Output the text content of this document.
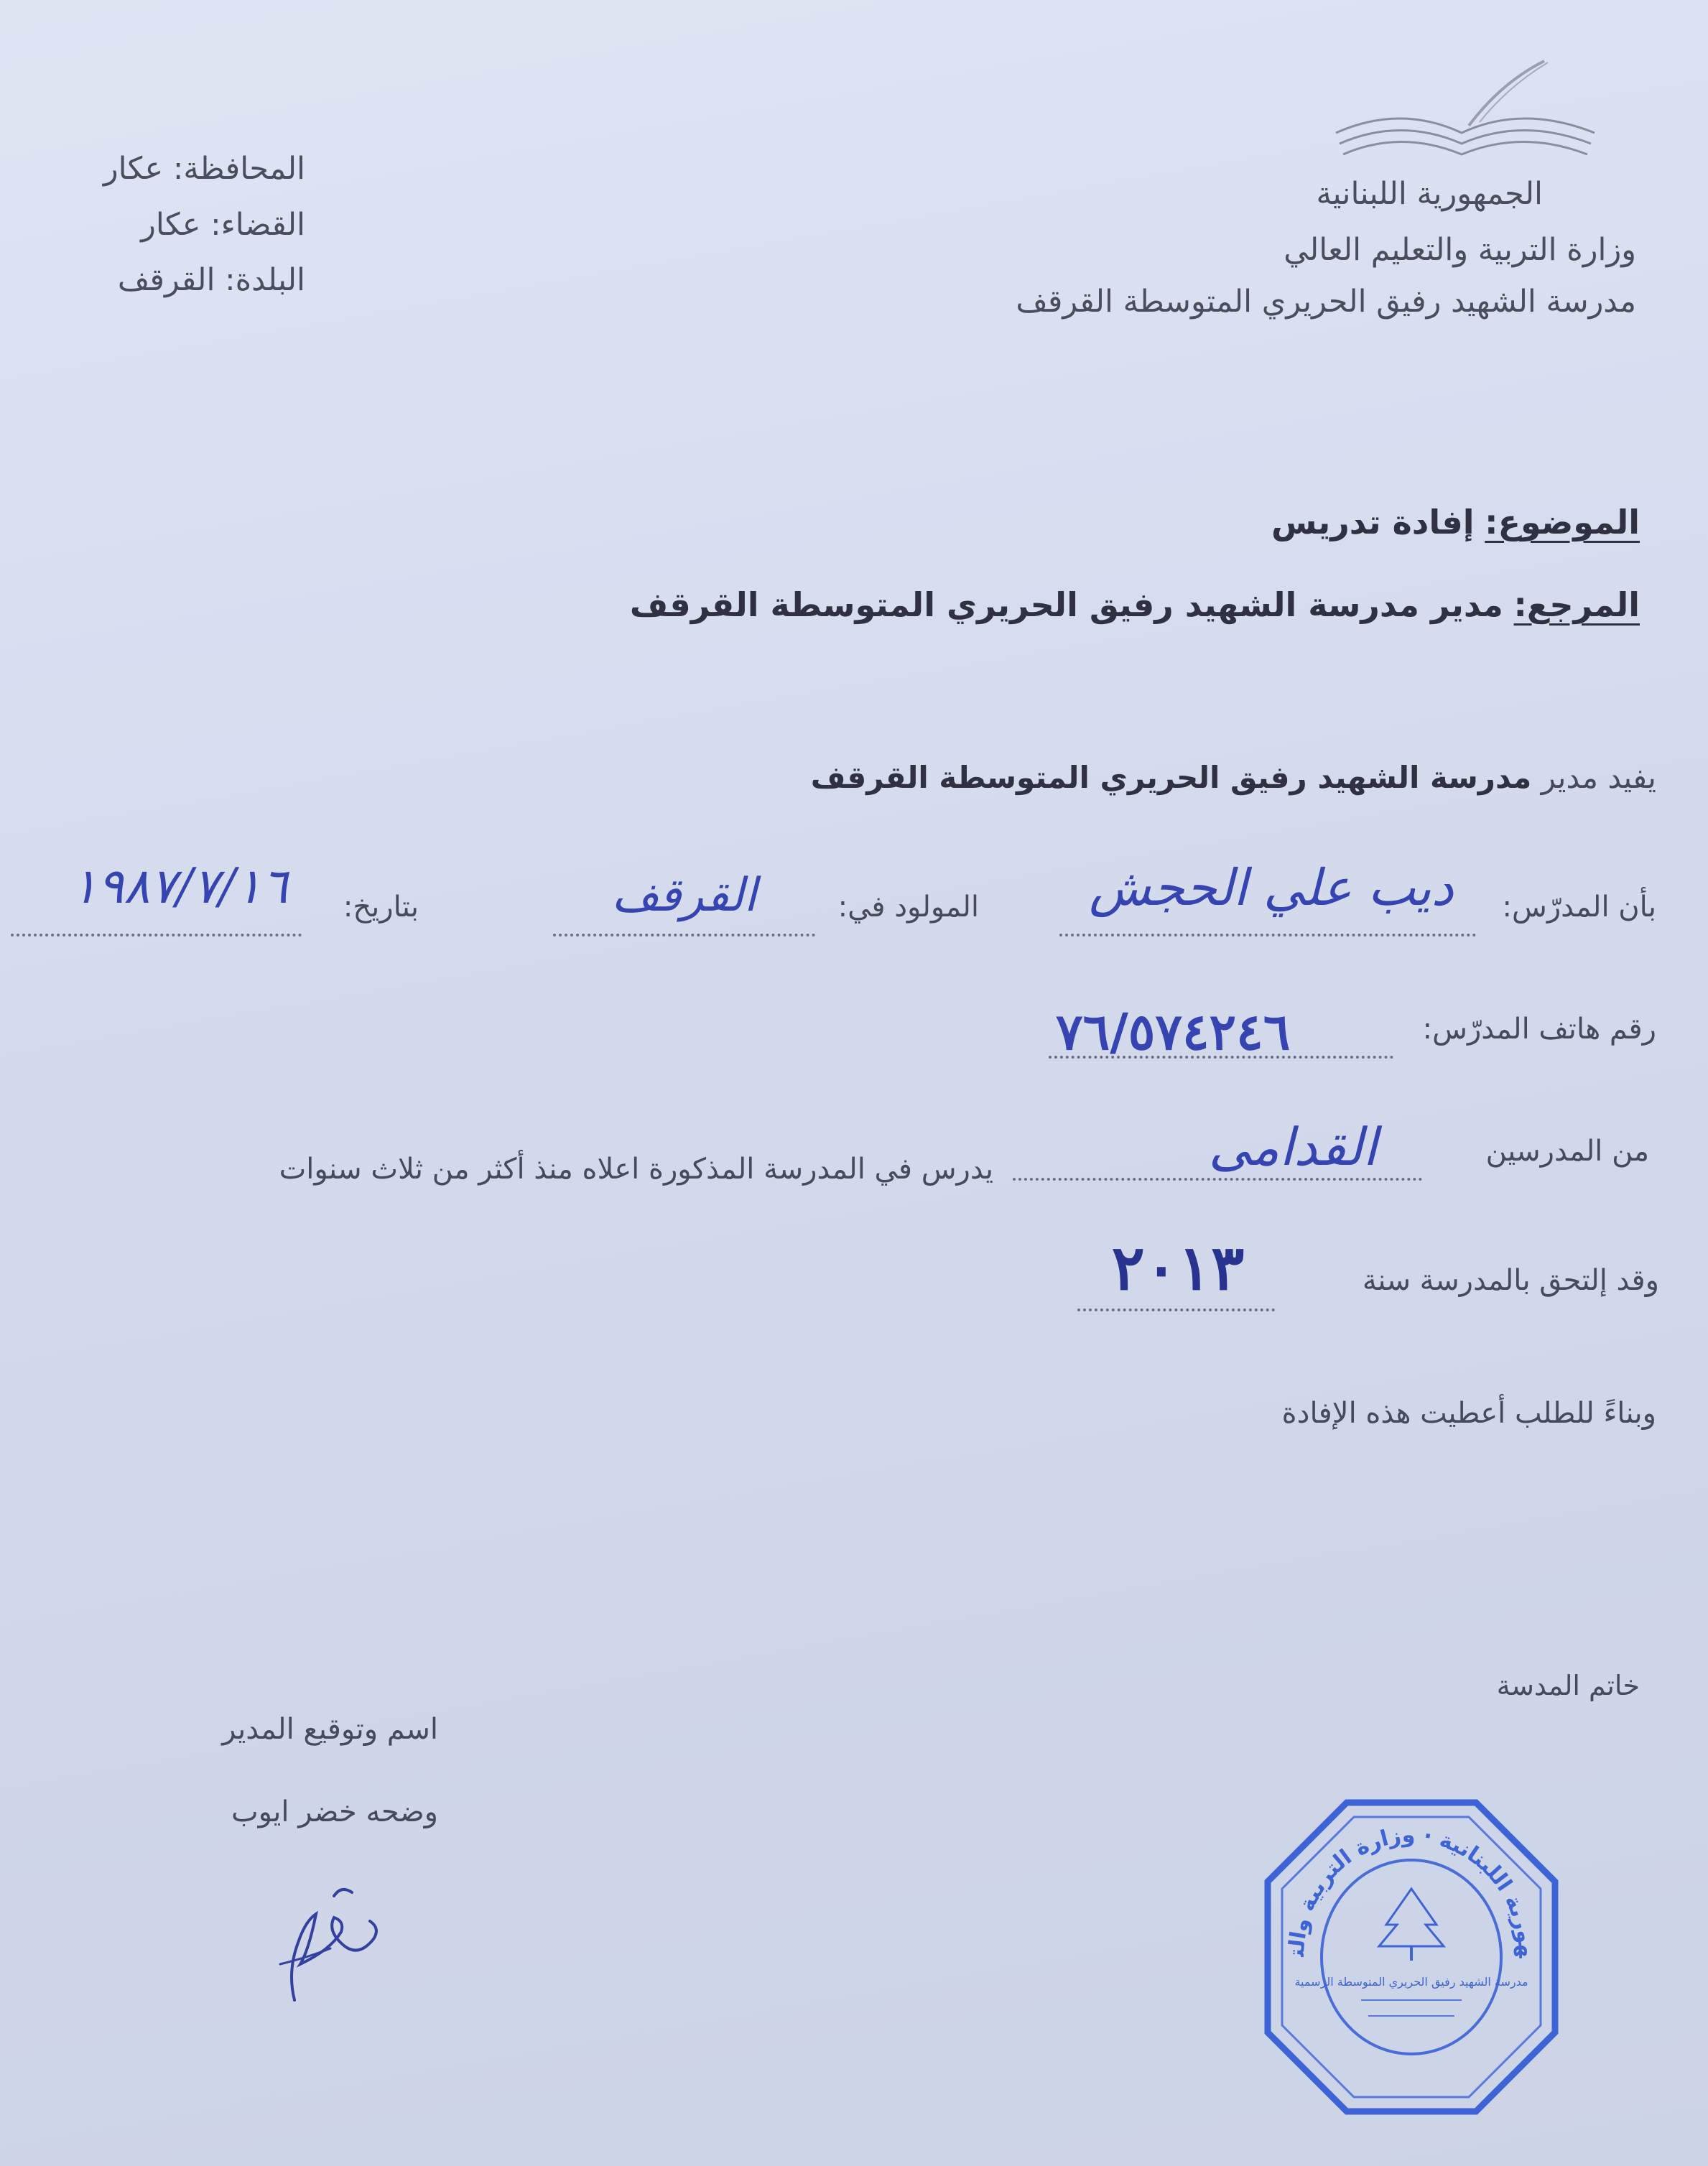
الجمهورية اللبنانية
وزارة التربية والتعليم العالي
مدرسة الشهيد رفيق الحريري المتوسطة القرقف
المحافظة: عكار
القضاء: عكار
البلدة: القرقف
الموضوع: إفادة تدريس
المرجع: مدير مدرسة الشهيد رفيق الحريري المتوسطة القرقف
يفيد مدير مدرسة الشهيد رفيق الحريري المتوسطة القرقف
بأن المدرّس:
ديب علي الحجش
المولود في:
القرقف
بتاريخ:
١٩٨٧/٧/١٦
رقم هاتف المدرّس:
٧٦/٥٧٤٢٤٦
من المدرسين
القدامى
يدرس في المدرسة المذكورة اعلاه منذ أكثر من ثلاث سنوات
وقد إلتحق بالمدرسة سنة
٢٠١٣
وبناءً للطلب أعطيت هذه الإفادة
خاتم المدسة
اسم وتوقيع المدير
وضحه خضر ايوب
الجمهورية اللبنانية · وزارة التربية والتعليم
مدرسة الشهيد رفيق الحريري المتوسطة الرسمية
